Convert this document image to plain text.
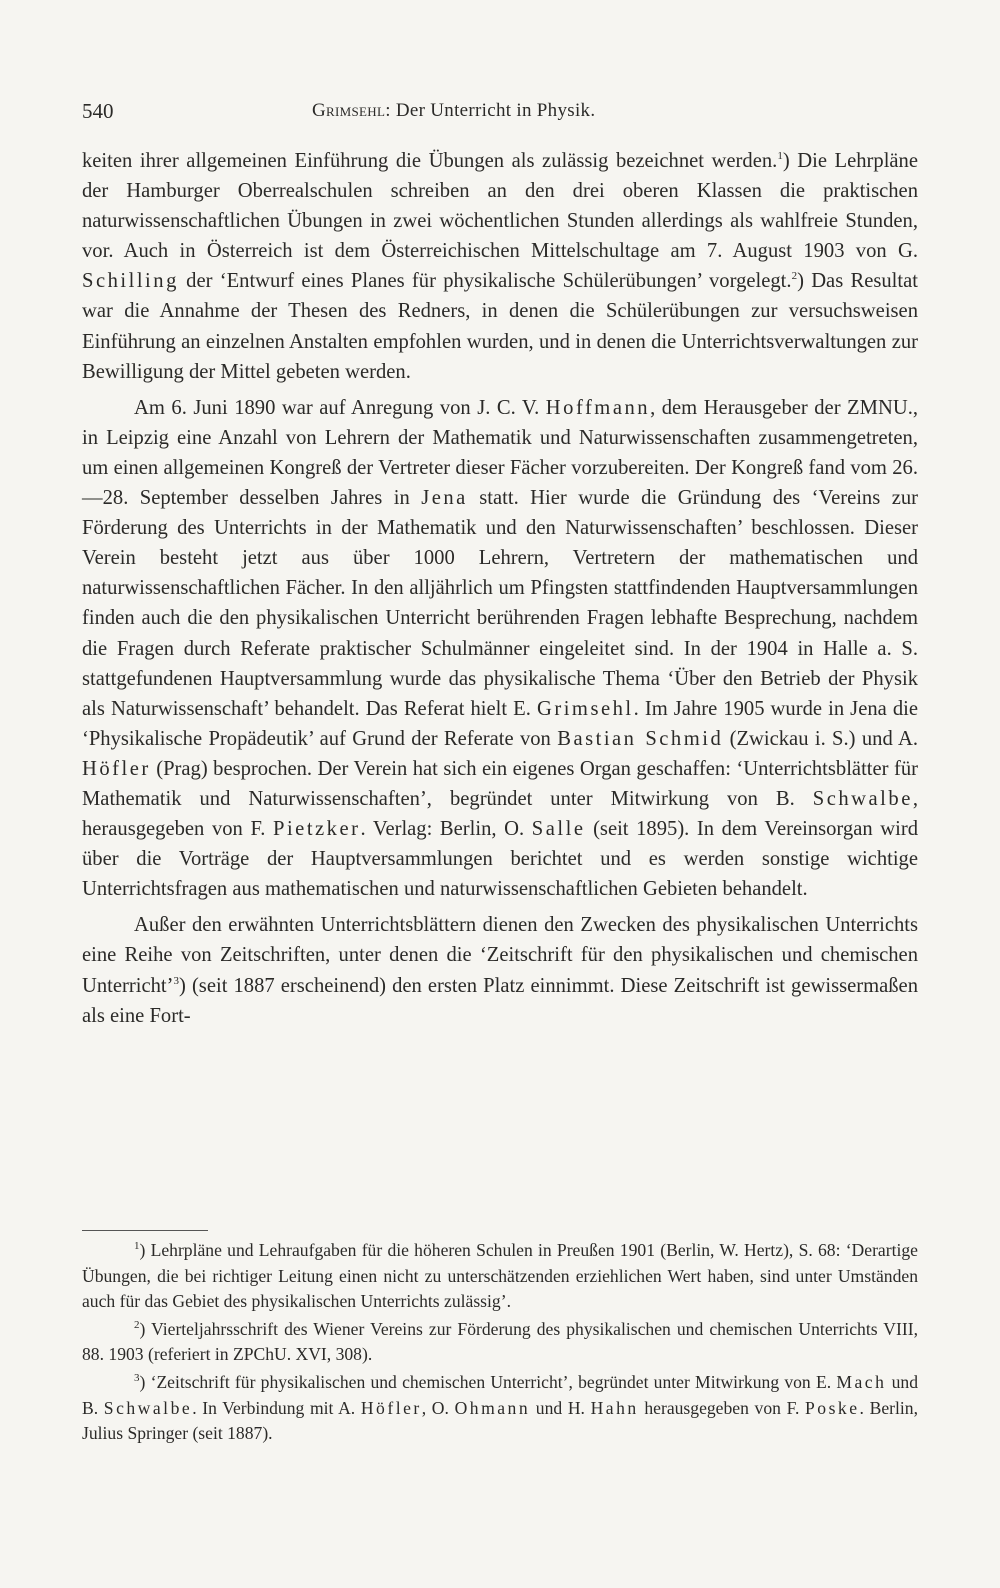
540	Grimsehl: Der Unterricht in Physik.

keiten ihrer allgemeinen Einführung die Übungen als zulässig bezeichnet werden.$^1$) Die Lehrpläne der Hamburger Oberrealschulen schreiben an den drei oberen Klassen die praktischen naturwissenschaftlichen Übungen in zwei wöchentlichen Stunden allerdings als wahlfreie Stunden, vor. Auch in Österreich ist dem Österreichischen Mittelschultage am 7. August 1903 von G. Schilling der ‘Entwurf eines Planes für physikalische Schülerübungen’ vorgelegt.$^2$) Das Resultat war die Annahme der Thesen des Redners, in denen die Schülerübungen zur versuchsweisen Einführung an einzelnen Anstalten empfohlen wurden, und in denen die Unterrichtsverwaltungen zur Bewilligung der Mittel gebeten werden.

Am 6. Juni 1890 war auf Anregung von J. C. V. Hoffmann, dem Herausgeber der ZMNU., in Leipzig eine Anzahl von Lehrern der Mathematik und Naturwissenschaften zusammengetreten, um einen allgemeinen Kongreß der Vertreter dieser Fächer vorzubereiten. Der Kongreß fand vom 26.—28. September desselben Jahres in Jena statt. Hier wurde die Gründung des ‘Vereins zur Förderung des Unterrichts in der Mathematik und den Naturwissenschaften’ beschlossen. Dieser Verein besteht jetzt aus über 1000 Lehrern, Vertretern der mathematischen und naturwissenschaftlichen Fächer. In den alljährlich um Pfingsten stattfindenden Hauptversammlungen finden auch die den physikalischen Unterricht berührenden Fragen lebhafte Besprechung, nachdem die Fragen durch Referate praktischer Schulmänner eingeleitet sind. In der 1904 in Halle a. S. stattgefundenen Hauptversammlung wurde das physikalische Thema ‘Über den Betrieb der Physik als Naturwissenschaft’ behandelt. Das Referat hielt E. Grimsehl. Im Jahre 1905 wurde in Jena die ‘Physikalische Propädeutik’ auf Grund der Referate von Bastian Schmid (Zwickau i. S.) und A. Höfler (Prag) besprochen. Der Verein hat sich ein eigenes Organ geschaffen: ‘Unterrichtsblätter für Mathematik und Naturwissenschaften’, begründet unter Mitwirkung von B. Schwalbe, herausgegeben von F. Pietzker. Verlag: Berlin, O. Salle (seit 1895). In dem Vereinsorgan wird über die Vorträge der Hauptversammlungen berichtet und es werden sonstige wichtige Unterrichtsfragen aus mathematischen und naturwissenschaftlichen Gebieten behandelt.

Außer den erwähnten Unterrichtsblättern dienen den Zwecken des physikalischen Unterrichts eine Reihe von Zeitschriften, unter denen die ‘Zeitschrift für den physikalischen und chemischen Unterricht’$^3$) (seit 1887 erscheinend) den ersten Platz einnimmt. Diese Zeitschrift ist gewissermaßen als eine Fort-

$^1$) Lehrpläne und Lehraufgaben für die höheren Schulen in Preußen 1901 (Berlin, W. Hertz), S. 68: ‘Derartige Übungen, die bei richtiger Leitung einen nicht zu unterschätzenden erziehlichen Wert haben, sind unter Umständen auch für das Gebiet des physikalischen Unterrichts zulässig’.

$^2$) Vierteljahrsschrift des Wiener Vereins zur Förderung des physikalischen und chemischen Unterrichts VIII, 88. 1903 (referiert in ZPChU. XVI, 308).

$^3$) ‘Zeitschrift für physikalischen und chemischen Unterricht’, begründet unter Mitwirkung von E. Mach und B. Schwalbe. In Verbindung mit A. Höfler, O. Ohmann und H. Hahn herausgegeben von F. Poske. Berlin, Julius Springer (seit 1887).
